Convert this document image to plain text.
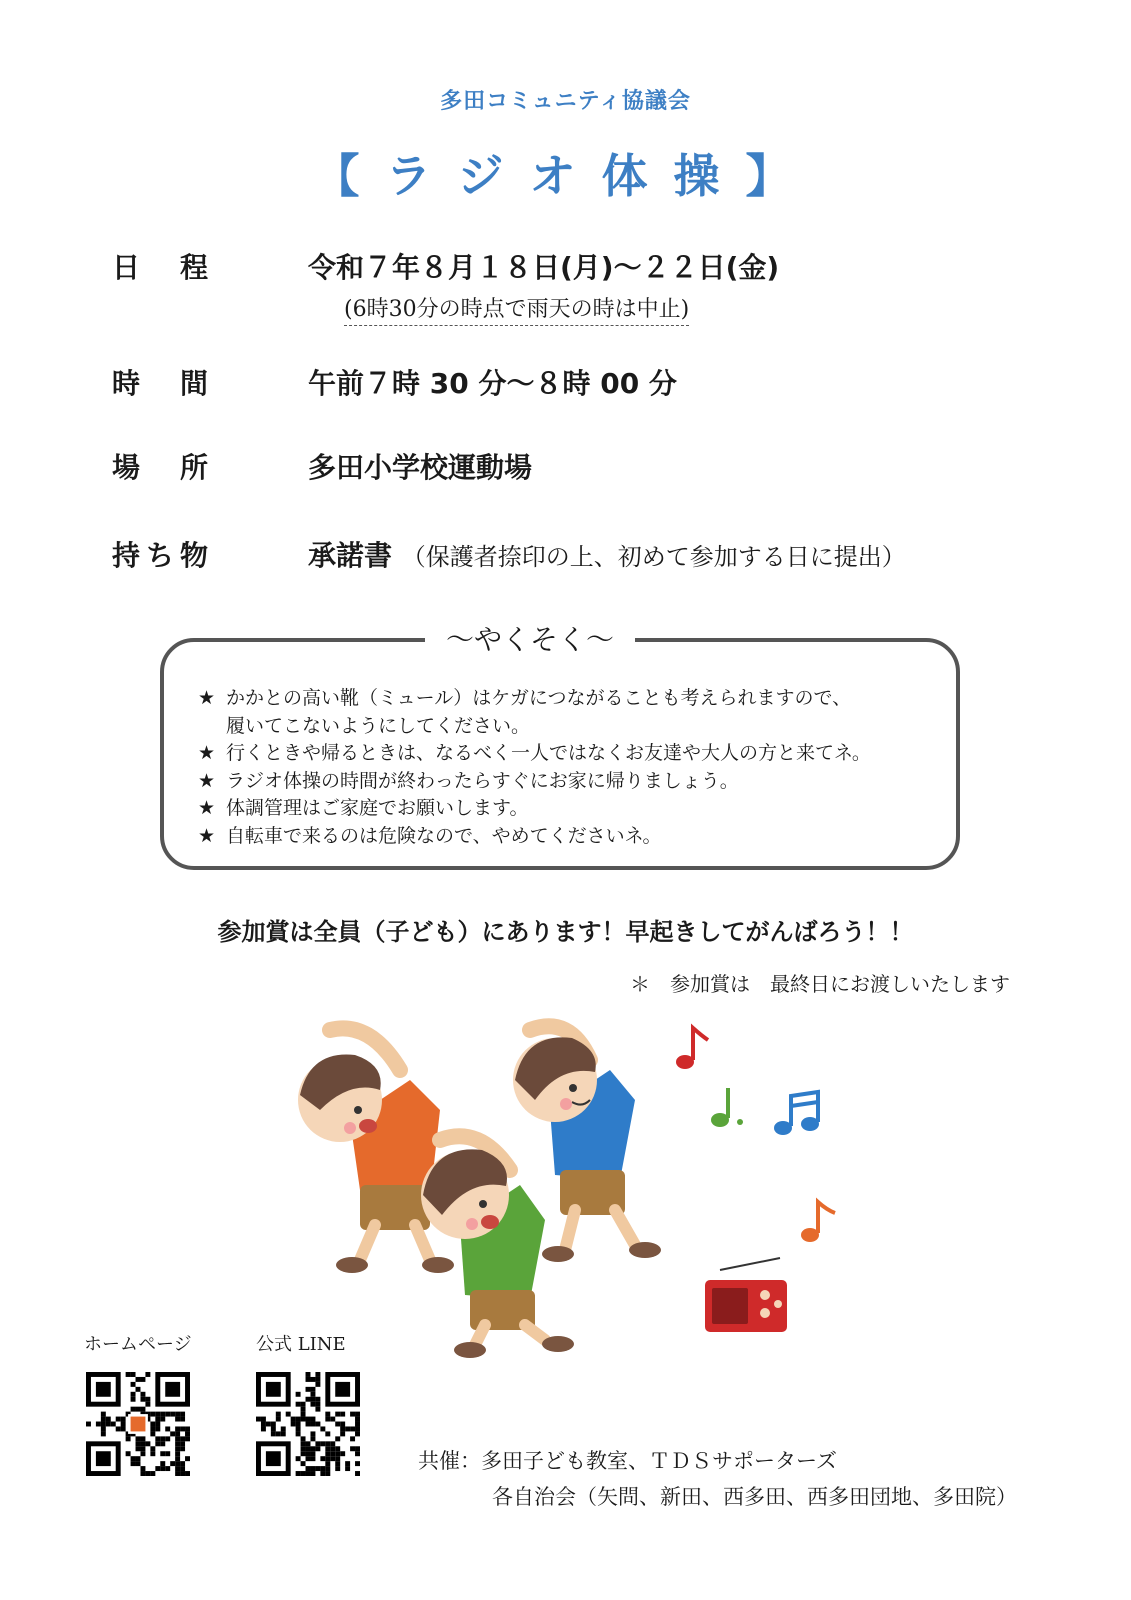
多田コミュニティ協議会
【ラジオ体操】
日程 令和７年８月１８日(月)～２２日(金)
(6時30分の時点で雨天の時は中止)
時間 午前７時 30 分～８時 00 分
場所 多田小学校運動場
持ち物	承諾書 （保護者捺印の上、初めて参加する日に提出）
～やくそく～
★ かかとの高い靴（ミュール）はケガにつながることも考えられますので、
履いてこないようにしてください。
★ 行くときや帰るときは、なるべく一人ではなくお友達や大人の方と来てネ。
★ ラジオ体操の時間が終わったらすぐにお家に帰りましょう。
★ 体調管理はご家庭でお願いします。
★ 自転車で来るのは危険なので、やめてくださいネ。
参加賞は全員（子ども）にあります！早起きしてがんばろう！！
＊　参加賞は　最終日にお渡しいたします
ホームページ	公式 LINE
共催：多田子ども教室、ＴＤＳサポーターズ
各自治会（矢問、新田、西多田、西多田団地、多田院）
